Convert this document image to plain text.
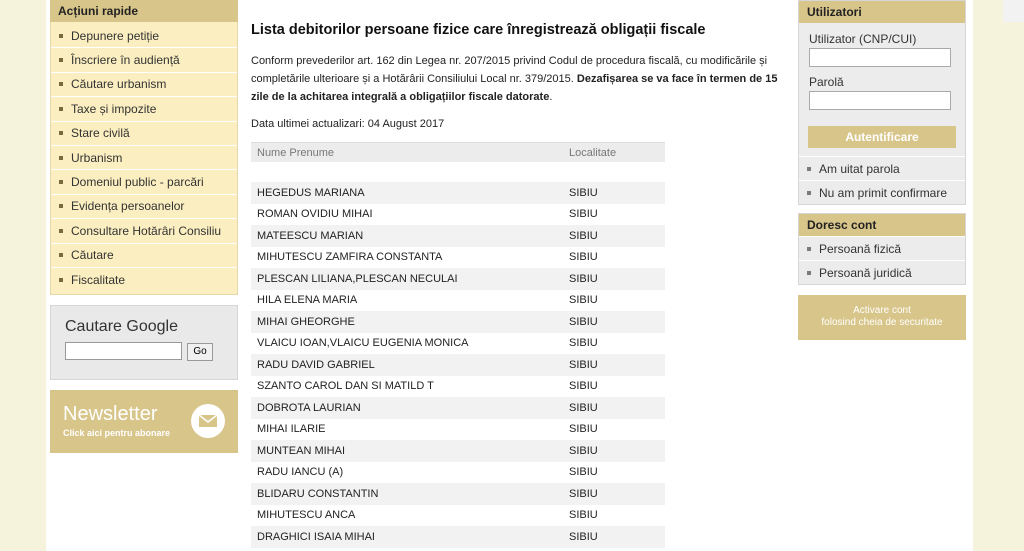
Acțiuni rapide
Depunere petiție
Înscriere în audiență
Căutare urbanism
Taxe și impozite
Stare civilă
Urbanism
Domeniul public - parcări
Evidența persoanelor
Consultare Hotărâri Consiliu
Căutare
Fiscalitate
Cautare Google
Go
Newsletter
Click aici pentru abonare
Lista debitorilor persoane fizice care înregistrează obligații fiscale

Conform prevederilor art. 162 din Legea nr. 207/2015 privind Codul de procedura fiscală, cu modificările și completările ulterioare și a Hotărârii Consiliului Local nr. 379/2015. Dezafișarea se va face în termen de 15 zile de la achitarea integrală a obligațiilor fiscale datorate.

Data ultimei actualizari: 04 August 2017

Nume Prenume	Localitate	

HEGEDUS MARIANA	SIBIU	

ROMAN OVIDIU MIHAI	SIBIU	

MATEESCU MARIAN	SIBIU	

MIHUTESCU ZAMFIRA CONSTANTA	SIBIU	

PLESCAN LILIANA,PLESCAN NECULAI	SIBIU	

HILA ELENA MARIA	SIBIU	

MIHAI GHEORGHE	SIBIU	

VLAICU IOAN,VLAICU EUGENIA MONICA	SIBIU	

RADU DAVID GABRIEL	SIBIU	

SZANTO CAROL DAN SI MATILD T	SIBIU	

DOBROTA LAURIAN	SIBIU	

MIHAI ILARIE	SIBIU	

MUNTEAN MIHAI	SIBIU	

RADU IANCU (A)	SIBIU	

BLIDARU CONSTANTIN	SIBIU	

MIHUTESCU ANCA	SIBIU	

DRAGHICI ISAIA MIHAI	SIBIU	
Utilizatori
Utilizator (CNP/CUI)
Parolă
Autentificare
Am uitat parola
Nu am primit confirmare
Doresc cont
Persoană fizică
Persoană juridică
Activare cont
folosind cheia de securitate
